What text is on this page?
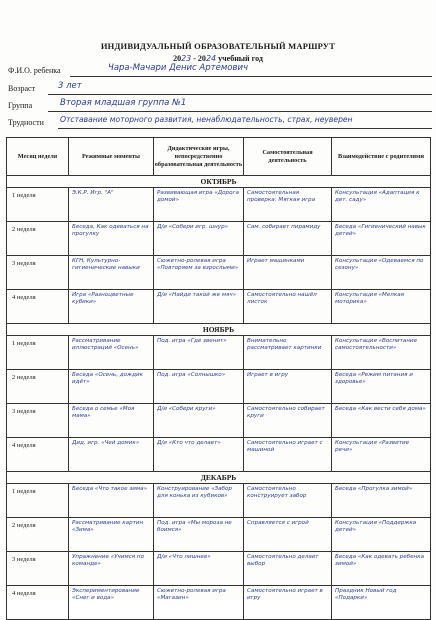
ИНДИВИДУАЛЬНЫЙ ОБРАЗОВАТЕЛЬНЫЙ МАРШРУТ
2023 - 2024 учебный год
Ф.И.О. ребенка	Чара-Мачари Денис Артемович
Возраст	3 лет
Группа	Вторая младшая группа №1
Трудности Отставание моторного развития, ненаблюдательность, страх, неуверен
Месяц неделя	Режимные моменты	Дидактические игры, непосредственно образовательная деятельность	Самостоятельная деятельность	Взаимодействие с родителями
ОКТЯБРЬ				
1 неделя	Э.К.Р. Игр. "А"	Развивающая игра «Дорога домой»	Самостоятельная проверка: Мягкая игра	Консультация «Адаптация к дет. саду»
2 неделя	Беседа, Как одеваться на прогулку	Д/и «Собери игр. шнур»	Сам. собирает пирамиду	Беседа «Гигиенический навык детей»
3 неделя	КГН, Культурно-гигиенические навыки	Сюжетно-ролевая игра «Повторяем за взрослыми»	Играет машинками	Консультация «Одеваемся по сезону»
4 неделя	Игра «Разноцветные кубики»	Д/и «Найди такой же мяч»	Самостоятельно нашёл листок	Консультация «Мелкая моторика»
НОЯБРЬ				
1 неделя	Рассматривание иллюстраций «Осень»	Под. игра «Где звенит»	Внимательно рассматривает картинки	Консультация «Воспитание самостоятельности»
2 неделя	Беседа «Осень, дождик идёт»	Под. игра «Солнышко»	Играет в игру	Беседа «Режим питания и здоровье»
3 неделя	Беседа о семье «Моя мама»	Д/и «Собери круги»	Самостоятельно собирает круги	Беседа «Как вести себя дома»
4 неделя	Дид. игр. «Чей домик»	Д/и «Кто что делает»	Самостоятельно играет с машиной	Консультация «Развитие речи»
ДЕКАБРЬ				
1 неделя	Беседа «Что такое зима»	Конструирование «Забор для конька из кубиков»	Самостоятельно конструирует забор	Беседа «Прогулка зимой»
2 неделя	Рассматривание картин «Зима»	Под. игра «Мы мороза не боимся»	Справляется с игрой	Консультация «Поддержка детей»
3 неделя	Упражнение «Учимся по команде»	Д/и «Что лишнее»	Самостоятельно делает выбор	Беседа «Как одевать ребенка зимой»
4 неделя	Экспериментирование «Снег и вода»	Сюжетно-ролевая игра «Магазин»	Самостоятельно играет в игру	Праздник Новый год «Подарки»
